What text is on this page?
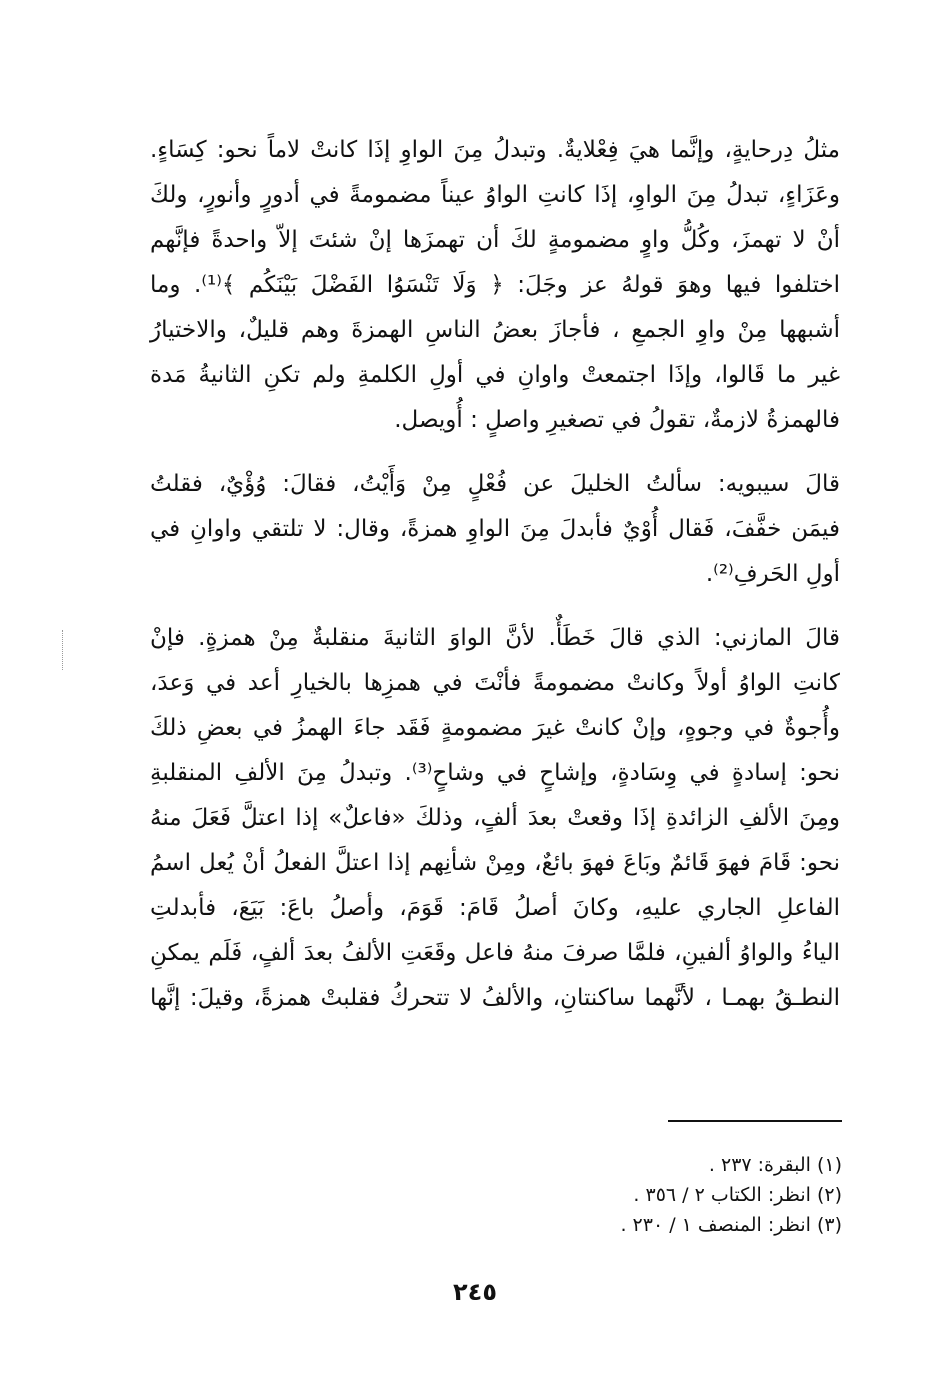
مثلُ دِرحايةٍ، وإنَّما هيَ فِعْلايةٌ. وتبدلُ مِنَ الواوِ إذَا كانتْ لاماً نحو: كِسَاءٍ.
وعَزَاءٍ، تبدلُ مِنَ الواوِ، إذَا كانتِ الواوُ عيناً مضمومةً في أدورٍ وأنورٍ، ولكَ
أنْ لا تهمزَ، وكُلُّ واوٍ مضمومةٍ لكَ أن تهمزَها إنْ شئتَ إلاّ واحدةً فإنَّهم
اختلفوا فيها وهوَ قولهُ عز وجَلَ: ﴿ وَلَا تَنْسَوُا الفَضْلَ بَيْنَكُم ﴾⁽¹⁾. وما
أشبهها مِنْ واوِ الجمعِ ، فأجازَ بعضُ الناسِ الهمزةَ وهم قليلٌ، والاختيارُ
غير ما قَالوا، وإذَا اجتمعتْ واوانِ في أولِ الكلمةِ ولم تكنِ الثانيةُ مَدة
فالهمزةُ لازمةٌ، تقولُ في تصغيرِ واصلٍ : أُويصل.

قالَ سيبويه: سألتُ الخليلَ عن فُعْلٍ مِنْ وَأَيْتُ، فقالَ: وُؤْيٌ، فقلتُ
فيمَن خفَّفَ، فَقال أُوْيٌ فأبدلَ مِنَ الواوِ همزةً، وقال: لا تلتقي واوانِ في
أولِ الحَرفِ⁽²⁾.

قالَ المازني: الذي قالَ خَطَأٌ. لأنَّ الواوَ الثانيةَ منقلبةٌ مِنْ همزةٍ. فإنْ
كانتِ الواوُ أولاً وكانتْ مضمومةً فأنْتَ في همزِها بالخيارِ أعد في وَعدَ،
وأُجوةٌ في وجوهٍ، وإنْ كانتْ غيرَ مضمومةٍ فَقَد جاءَ الهمزُ في بعضِ ذلكَ
نحو: إسادةٍ في وِسَادةٍ، وإشاحٍ في وشاحٍ⁽³⁾. وتبدلُ مِنَ الألفِ المنقلبةِ
ومِنَ الألفِ الزائدةِ إذَا وقعتْ بعدَ ألفٍ، وذلكَ «فاعلٌ» إذا اعتلَّ فَعَلَ منهُ
نحو: قَامَ فهوَ قَائمٌ وبَاعَ فهوَ بائعٌ، ومِنْ شأنِهم إذا اعتلَّ الفعلُ أنْ يُعل اسمُ
الفاعلِ الجاري عليهِ، وكانَ أصلُ قَامَ: قَوَمَ، وأصلُ باعَ: بَيَعَ، فأبدلتِ
الياءُ والواوُ ألفينِ، فلمَّا صرفَ منهُ فاعل وقَعَتِ الألفُ بعدَ ألفٍ، فَلَم يمكنِ
النطـقُ بهمـا ، لأنَّهما ساكنتانِ، والألفُ لا تتحركُ فقلبتْ همزةً، وقيلَ: إنَّها

(١) البقرة: ٢٣٧ .
(٢) انظر: الكتاب ٢ / ٣٥٦ .
(٣) انظر: المنصف ١ / ٢٣٠ .
٢٤٥
